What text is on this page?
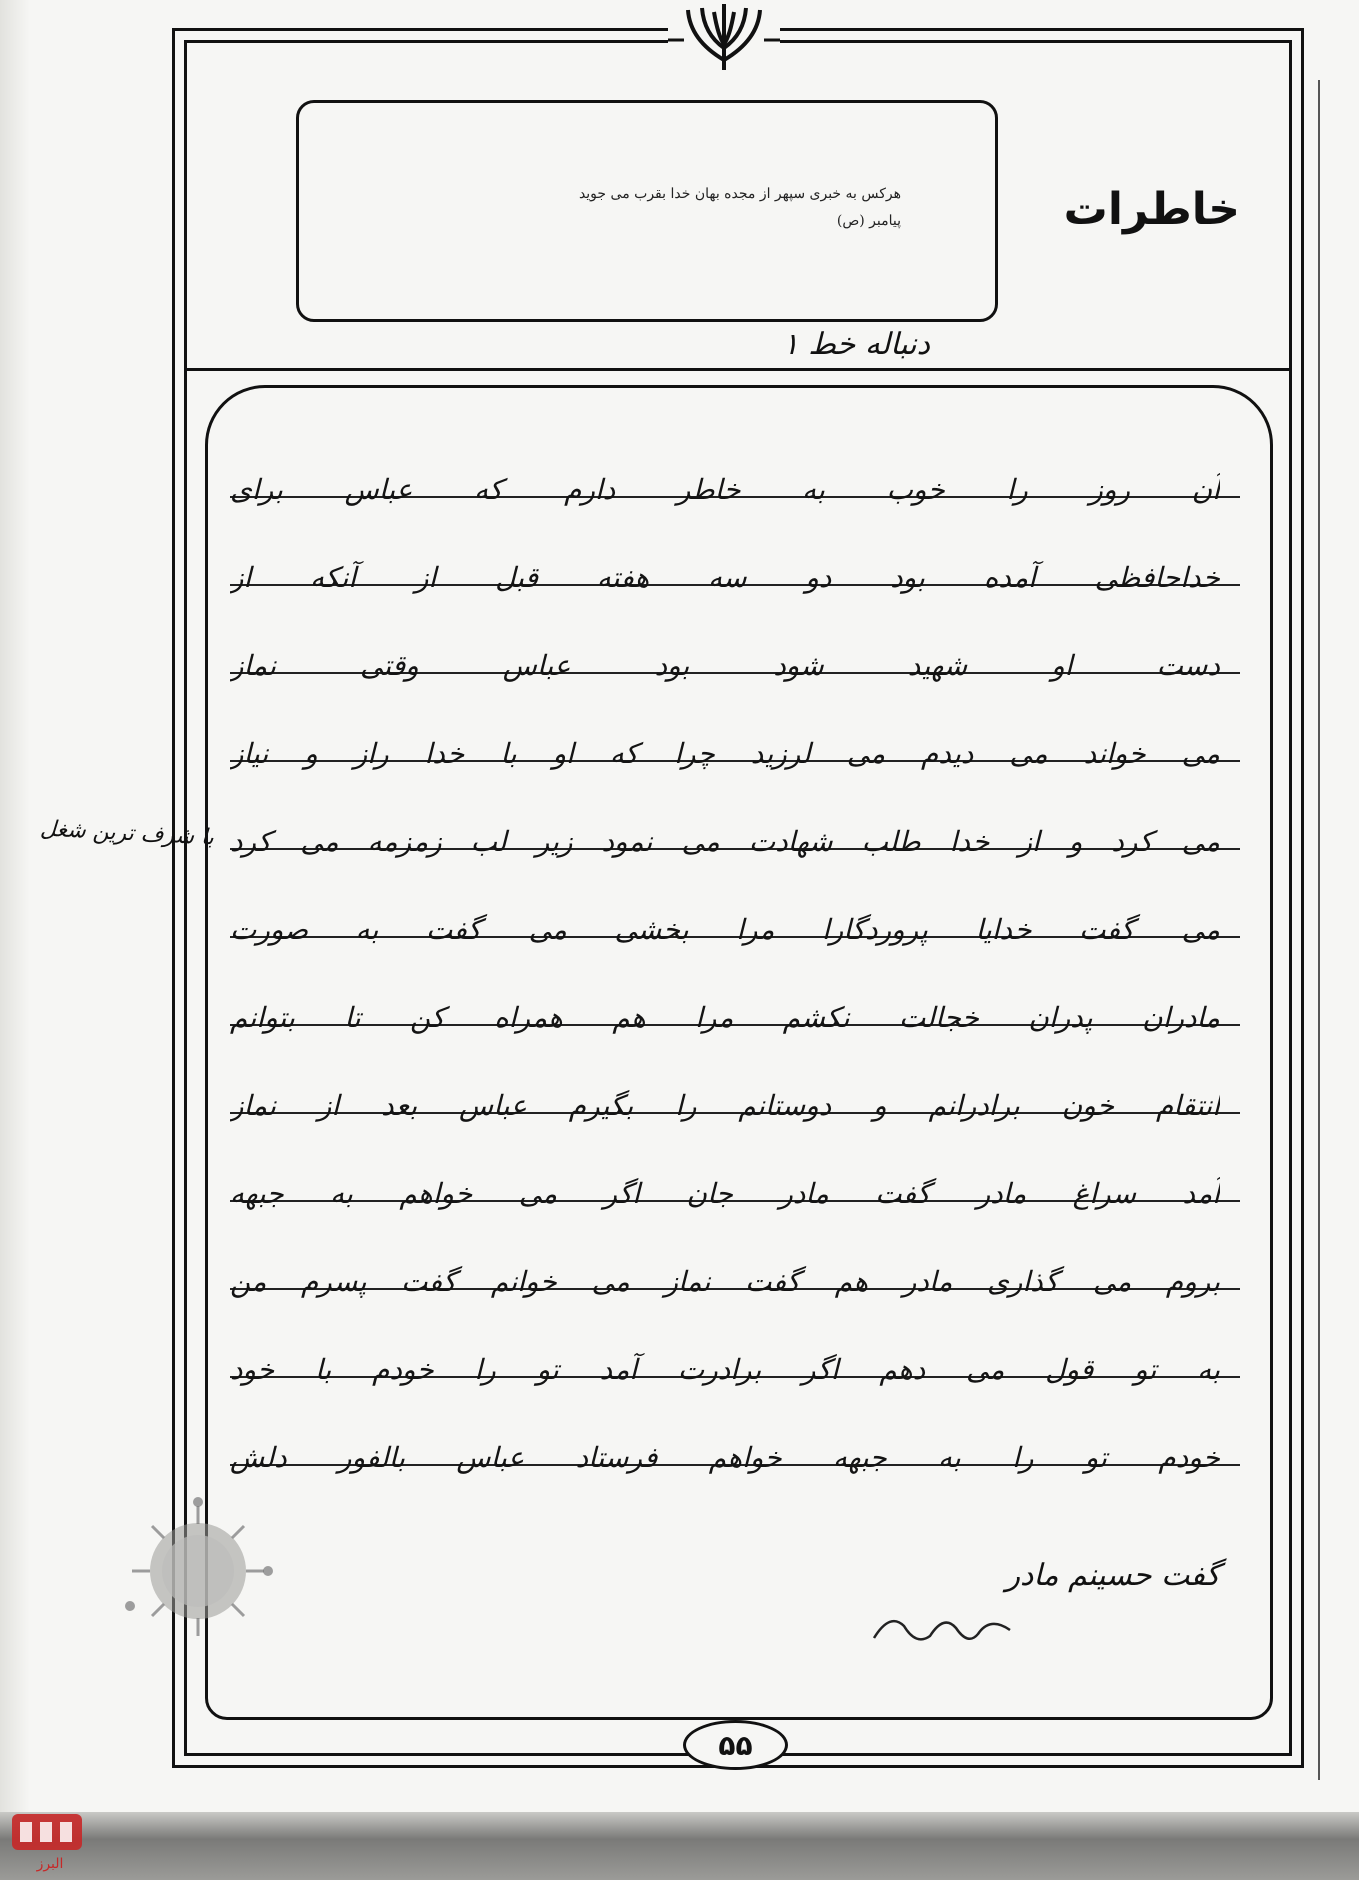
هرکس به خبری سپهر از مجده بهان خدا بقرب می جوید
پیامبر (ص)	خاطرات
دنباله خط ۱
آن روز را خوب به خاطر دارم که عباس برای
خداحافظی آمده بود دو سه هفته قبل از آنکه از
دست او شهید شود بود عباس وقتی نماز
می خواند می دیدم می لرزید چرا که او با خدا راز و نیاز
می کرد و از خدا طلب شهادت می نمود زیر لب زمزمه می کرد
می گفت خدایا پروردگارا مرا بخشی می گفت به صورت
مادران پدران خجالت نکشم مرا هم همراه کن تا بتوانم
انتقام خون برادرانم و دوستانم را بگیرم عباس بعد از نماز
آمد سراغ مادر گفت مادر جان اگر می خواهم به جبهه
بروم می گذاری مادر هم گفت نماز می خوانم گفت پسرم من
به تو قول می دهم اگر برادرت آمد تو را خودم با خود
خودم تو را به جبهه خواهم فرستاد عباس بالفور دلش
با شرف ترین شغل
گفت حسینم مادر
۵۵
البرز
